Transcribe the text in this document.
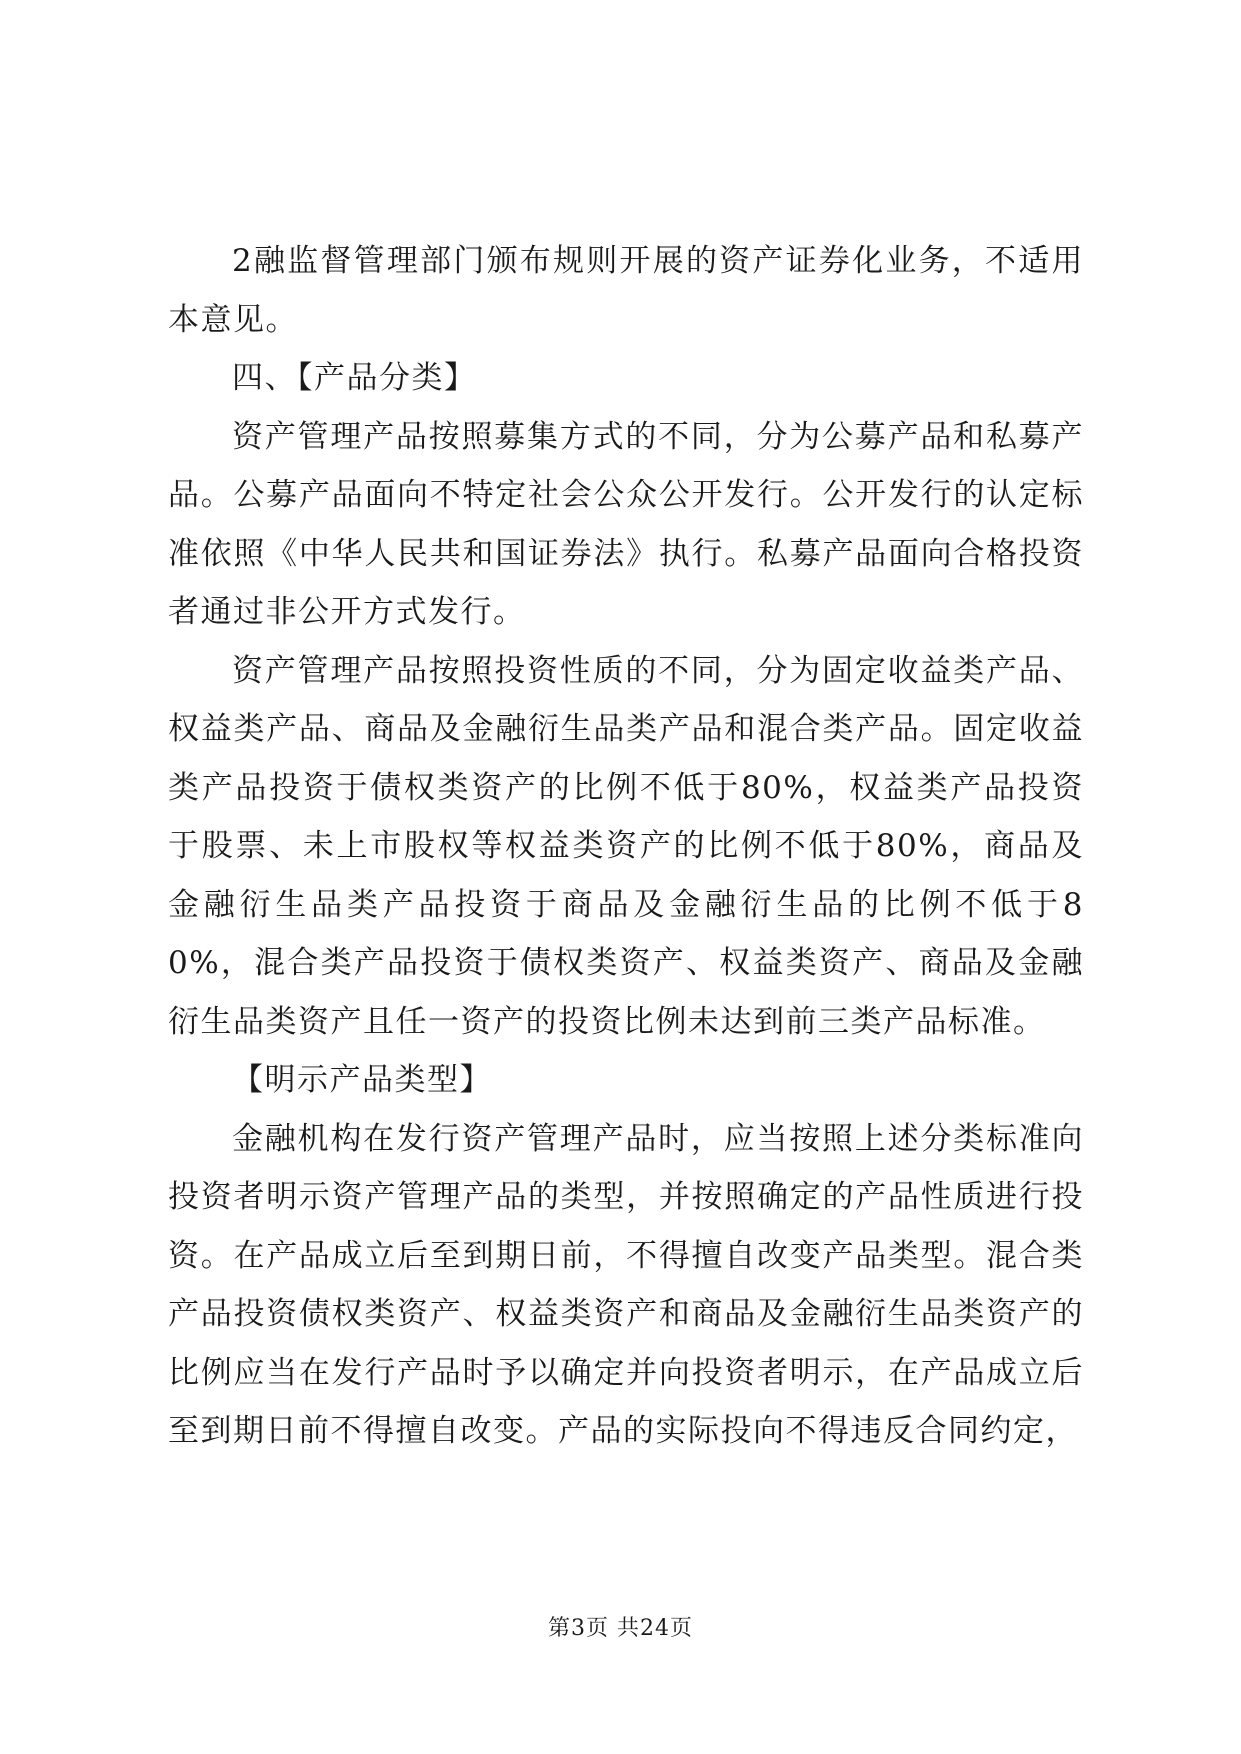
2融监督管理部门颁布规则开展的资产证券化业务，不适用本意见。

四、【产品分类】

资产管理产品按照募集方式的不同，分为公募产品和私募产品。公募产品面向不特定社会公众公开发行。公开发行的认定标准依照《中华人民共和国证券法》执行。私募产品面向合格投资者通过非公开方式发行。

资产管理产品按照投资性质的不同，分为固定收益类产品、权益类产品、商品及金融衍生品类产品和混合类产品。固定收益类产品投资于债权类资产的比例不低于80%，权益类产品投资于股票、未上市股权等权益类资产的比例不低于80%，商品及金融衍生品类产品投资于商品及金融衍生品的比例不低于80%，混合类产品投资于债权类资产、权益类资产、商品及金融衍生品类资产且任一资产的投资比例未达到前三类产品标准。

【明示产品类型】

金融机构在发行资产管理产品时，应当按照上述分类标准向投资者明示资产管理产品的类型，并按照确定的产品性质进行投资。在产品成立后至到期日前，不得擅自改变产品类型。混合类产品投资债权类资产、权益类资产和商品及金融衍生品类资产的比例应当在发行产品时予以确定并向投资者明示，在产品成立后至到期日前不得擅自改变。产品的实际投向不得违反合同约定，

第3页 共24页
